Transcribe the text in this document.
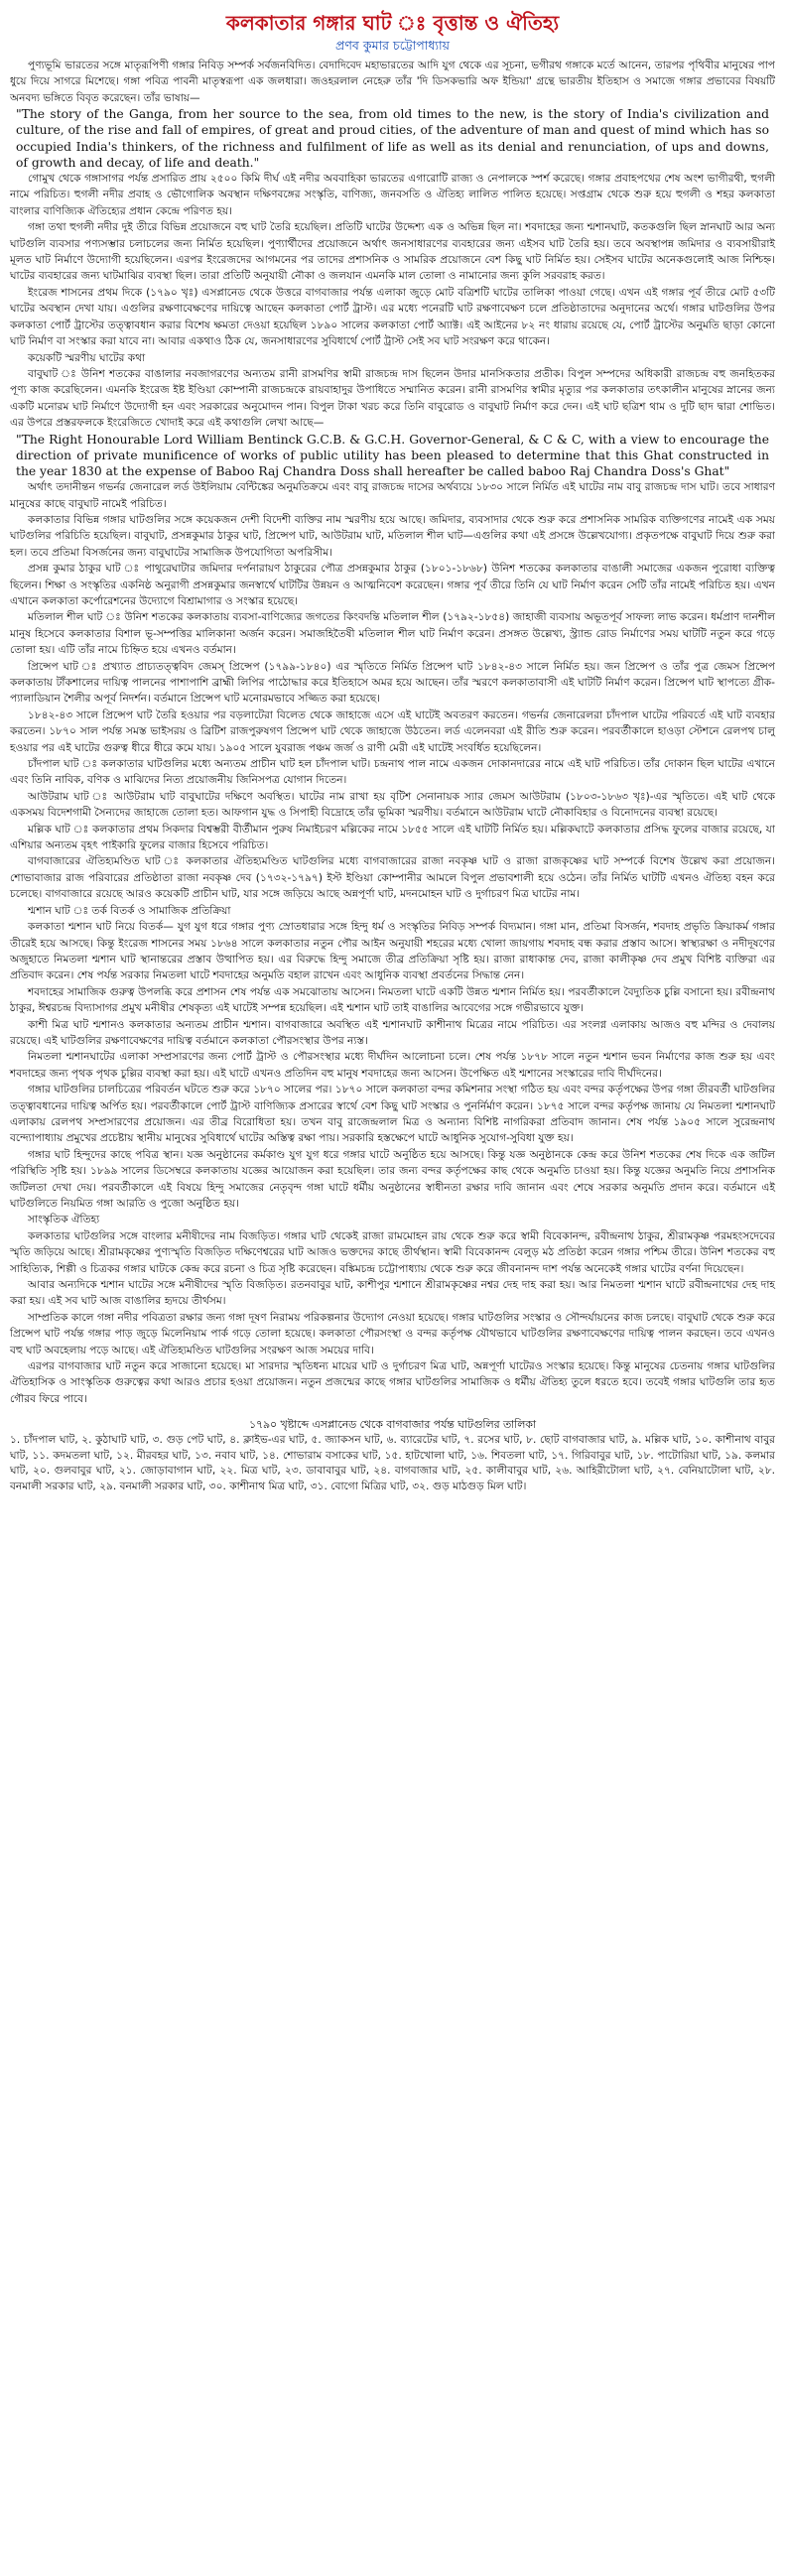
কলকাতার গঙ্গার ঘাট ঃ বৃত্তান্ত ও ঐতিহ্য
প্রণব কুমার চট্টোপাধ্যায়

পুণ্যভূমি ভারতের সঙ্গে মাতৃরূপিণী গঙ্গার নিবিড় সম্পর্ক সর্বজনবিদিত। বেদাদিবেদ মহাভারতের আদি যুগ থেকে এর সূচনা, ভগীরথ গঙ্গাকে মর্তে আনেন, তারপর পৃথিবীর মানুষের পাপ ধুয়ে দিয়ে সাগরে মিশেছে। গঙ্গা পবিত্র পাবনী মাতৃস্বরূপা এক জলধারা। জওহরলাল নেহেরু তাঁর 'দি ডিসকভারি অফ ইন্ডিয়া' গ্রন্থে ভারতীয় ইতিহাস ও সমাজে গঙ্গার প্রভাবের বিষয়টি অনবদ্য ভঙ্গিতে বিবৃত করেছেন। তাঁর ভাষায়—

"The story of the Ganga, from her source to the sea, from old times to the new, is the story of India's civilization and culture, of the rise and fall of empires, of great and proud cities, of the adventure of man and quest of mind which has so occupied India's thinkers, of the richness and fulfilment of life as well as its denial and renunciation, of ups and downs, of growth and decay, of life and death."

গোমুখ থেকে গঙ্গাসাগর পর্যন্ত প্রসারিত প্রায় ২৫০০ কিমি দীর্ঘ এই নদীর অববাহিকা ভারতের এগারোটি রাজ্য ও নেপালকে স্পর্শ করেছে। গঙ্গার প্রবাহপথের শেষ অংশ ভাগীরথী, হুগলী নামে পরিচিত। হুগলী নদীর প্রবাহ ও ভৌগোলিক অবস্থান দক্ষিণবঙ্গের সংস্কৃতি, বাণিজ্য, জনবসতি ও ঐতিহ্য লালিত পালিত হয়েছে। সপ্তগ্রাম থেকে শুরু হয়ে হুগলী ও শহর কলকাতা বাংলার বাণিজ্যিক ঐতিহ্যের প্রধান কেন্দ্রে পরিণত হয়।

গঙ্গা তথা হুগলী নদীর দুই তীরে বিভিন্ন প্রয়োজনে বহু ঘাট তৈরি হয়েছিল। প্রতিটি ঘাটের উদ্দেশ্য এক ও অভিন্ন ছিল না। শবদাহের জন্য শ্মশানঘাট, কতকগুলি ছিল স্নানঘাট আর অন্য ঘাটগুলি ব্যবসার পণ্যসম্ভার চলাচলের জন্য নির্মিত হয়েছিল। পুণ্যার্থীদের প্রয়োজনে অর্থাৎ জনসাধারণের ব্যবহারের জন্য এইসব ঘাট তৈরি হয়। তবে অবস্থাপন্ন জমিদার ও ব্যবসায়ীরাই মূলত ঘাট নির্মাণে উদ্যোগী হয়েছিলেন। এরপর ইংরেজদের আগমনের পর তাদের প্রশাসনিক ও সামরিক প্রয়োজনে বেশ কিছু ঘাট নির্মিত হয়। সেইসব ঘাটের অনেকগুলোই আজ নিশ্চিহ্ন। ঘাটের ব্যবহারের জন্য ঘাটমাঝির ব্যবস্থা ছিল। তারা প্রতিটি অনুযায়ী নৌকা ও জলযান এমনকি মাল তোলা ও নামানোর জন্য কুলি সরবরাহ করত।

ইংরেজ শাসনের প্রথম দিকে (১৭৯০ খৃঃ) এসপ্লানেড থেকে উত্তরে বাগবাজার পর্যন্ত এলাকা জুড়ে মোট বত্রিশটি ঘাটের তালিকা পাওয়া গেছে। এখন এই গঙ্গার পূর্ব তীরে মোট ৫৩টি ঘাটের অবস্থান দেখা যায়। এগুলির রক্ষণাবেক্ষণের দায়িত্বে আছেন কলকাতা পোর্ট ট্রাস্ট। এর মধ্যে পনেরটি ঘাট রক্ষণাবেক্ষণ চলে প্রতিষ্ঠাতাদের অনুদানের অর্থে। গঙ্গার ঘাটগুলির উপর কলকাতা পোর্ট ট্রাস্টের তত্ত্বাবধান করার বিশেষ ক্ষমতা দেওয়া হয়েছিল ১৮৯০ সালের কলকাতা পোর্ট অ্যাক্ট। এই আইনের ৮২ নং ধারায় রয়েছে যে, পোর্ট ট্রাস্টের অনুমতি ছাড়া কোনো ঘাট নির্মাণ বা সংস্কার করা যাবে না। আবার একথাও ঠিক যে, জনসাধারণের সুবিধার্থে পোর্ট ট্রাস্ট সেই সব ঘাট সংরক্ষণ করে থাকেন।

কয়েকটি স্মরণীয় ঘাটের কথা

বাবুঘাট ঃ উনিশ শতকের বাঙালার নবজাগরণের অন্যতম রানী রাসমণির স্বামী রাজচন্দ্র দাস ছিলেন উদার মানসিকতার প্রতীক। বিপুল সম্পদের অধিকারী রাজচন্দ্র বহু জনহিতকর পূণ্য কাজ করেছিলেন। এমনকি ইংরেজ ইষ্ট ইণ্ডিয়া কোম্পানী রাজচন্দ্রকে রায়বাহাদুর উপাধিতে সম্মানিত করেন। রানী রাসমণির স্বামীর মৃত্যুর পর কলকাতার তৎকালীন মানুষের স্নানের জন্য একটি মনোরম ঘাট নির্মাণে উদ্যোগী হন এবং সরকারের অনুমোদন পান। বিপুল টাকা খরচ করে তিনি বাবুরোড ও বাবুঘাট নির্মাণ করে দেন। এই ঘাট ছত্রিশ থাম ও দুটি ছাদ দ্বারা শোভিত। এর উপরে প্রস্তরফলকে ইংরেজিতে খোদাই করে এই কথাগুলি লেখা আছে—

"The Right Honourable Lord William Bentinck G.C.B. & G.C.H. Governor-General, & C & C, with a view to encourage the direction of private munificence of works of public utility has been pleased to determine that this Ghat constructed in the year 1830 at the expense of Baboo Raj Chandra Doss shall hereafter be called baboo Raj Chandra Doss's Ghat"

অর্থাৎ তদানীন্তন গভর্নর জেনারেল লর্ড উইলিয়াম বেন্টিঙ্কের অনুমতিক্রমে এবং বাবু রাজচন্দ্র দাসের অর্থব্যয়ে ১৮৩০ সালে নির্মিত এই ঘাটের নাম বাবু রাজচন্দ্র দাস ঘাট। তবে সাধারণ মানুষের কাছে বাবুঘাট নামেই পরিচিত।

কলকাতার বিভিন্ন গঙ্গার ঘাটগুলির সঙ্গে কয়েকজন দেশী বিদেশী ব্যক্তির নাম স্মরণীয় হয়ে আছে। জমিদার, ব্যবসাদার থেকে শুরু করে প্রশাসনিক সামরিক ব্যক্তিগণের নামেই এক সময় ঘাটগুলির পরিচিতি হয়েছিল। বাবুঘাট, প্রসন্নকুমার ঠাকুর ঘাট, প্রিন্সেপ ঘাট, আউটরাম ঘাট, মতিলাল শীল ঘাট—এগুলির কথা এই প্রসঙ্গে উল্লেখযোগ্য। প্রকৃতপক্ষে বাবুঘাট দিয়ে শুরু করা হল। তবে প্রতিমা বিসর্জনের জন্য বাবুঘাটের সামাজিক উপযোগিতা অপরিসীম।

প্রসন্ন কুমার ঠাকুর ঘাট ঃ পাথুরেঘাটার জমিদার দর্পনারায়ণ ঠাকুরের পৌত্র প্রসন্নকুমার ঠাকুর (১৮০১-১৮৬৮) উনিশ শতকের কলকাতার বাঙালী সমাজের একজন পুরোধা ব্যক্তিত্ব ছিলেন। শিক্ষা ও সংস্কৃতির একনিষ্ঠ অনুরাগী প্রসন্নকুমার জনস্বার্থে ঘাটটির উন্নয়ন ও আত্মনিবেশ করেছেন। গঙ্গার পূর্ব তীরে তিনি যে ঘাট নির্মাণ করেন সেটি তাঁর নামেই পরিচিত হয়। এখন এখানে কলকাতা কর্পোরেশনের উদ্যোগে বিশ্রামাগার ও সংস্কার হয়েছে।

মতিলাল শীল ঘাট ঃ উনিশ শতকের কলকাতায় ব্যবসা-বাণিজ্যের জগতের কিংবদন্তি মতিলাল শীল (১৭৯২-১৮৫৪) জাহাজী ব্যবসায় অভূতপূর্ব সাফল্য লাভ করেন। ধর্মপ্রাণ দানশীল মানুষ হিসেবে কলকাতার বিশাল ভূ-সম্পত্তির মালিকানা অর্জন করেন। সমাজহিতৈষী মতিলাল শীল ঘাট নির্মাণ করেন। প্রসঙ্গত উল্লেখ্য, স্ট্র্যান্ড রোড নির্মাণের সময় ঘাটটি নতুন করে গড়ে তোলা হয়। এটি তাঁর নামে চিহ্নিত হয়ে এখনও বর্তমান।

প্রিন্সেপ ঘাট ঃ প্রখ্যাত প্রাচ্যতত্ত্ববিদ জেমস্ প্রিন্সেপ (১৭৯৯-১৮৪০) এর স্মৃতিতে নির্মিত প্রিন্সেপ ঘাট ১৮৪২-৪৩ সালে নির্মিত হয়। জন প্রিন্সেপ ও তাঁর পুত্র জেমস প্রিন্সেপ কলকাতায় টাঁকশালের দায়িত্ব পালনের পাশাপাশি ব্রাহ্মী লিপির পাঠোদ্ধার করে ইতিহাসে অমর হয়ে আছেন। তাঁর স্মরণে কলকাতাবাসী এই ঘাটটি নির্মাণ করেন। প্রিন্সেপ ঘাট স্থাপত্যে গ্রীক-প্যালাডিয়ান শৈলীর অপূর্ব নিদর্শন। বর্তমানে প্রিন্সেপ ঘাট মনোরমভাবে সজ্জিত করা হয়েছে।

১৮৪২-৪৩ সালে প্রিন্সেপ ঘাট তৈরি হওয়ার পর বড়লাটেরা বিলেত থেকে জাহাজে এসে এই ঘাটেই অবতরণ করতেন। গভর্নর জেনারেলরা চাঁদপাল ঘাটের পরিবর্তে এই ঘাট ব্যবহার করতেন। ১৮৭০ সাল পর্যন্ত সমস্ত ভাইসরয় ও ব্রিটিশ রাজপুরুষগণ প্রিন্সেপ ঘাট থেকে জাহাজে উঠতেন। লর্ড এলেনবরা এই রীতি শুরু করেন। পরবর্তীকালে হাওড়া স্টেশনে রেলপথ চালু হওয়ার পর এই ঘাটের গুরুত্ব ধীরে ধীরে কমে যায়। ১৯০৫ সালে যুবরাজ পঞ্চম জর্জ ও রাণী মেরী এই ঘাটেই সংবর্ধিত হয়েছিলেন।

চাঁদপাল ঘাট ঃ কলকাতার ঘাটগুলির মধ্যে অন্যতম প্রাচীন ঘাট হল চাঁদপাল ঘাট। চন্দ্রনাথ পাল নামে একজন দোকানদারের নামে এই ঘাট পরিচিত। তাঁর দোকান ছিল ঘাটের এখানে এবং তিনি নাবিক, বণিক ও মাঝিদের নিত্য প্রয়োজনীয় জিনিসপত্র যোগান দিতেন।

আউটরাম ঘাট ঃ আউটরাম ঘাট বাবুঘাটের দক্ষিণে অবস্থিত। ঘাটের নাম রাখা হয় বৃটিশ সেনানায়ক স্যার জেমস আউটরাম (১৮০৩-১৮৬৩ খৃঃ)-এর স্মৃতিতে। এই ঘাট থেকে একসময় বিদেশগামী সৈন্যদের জাহাজে তোলা হত। আফগান যুদ্ধ ও সিপাহী বিদ্রোহে তাঁর ভূমিকা স্মরণীয়। বর্তমানে আউটরাম ঘাটে নৌকাবিহার ও বিনোদনের ব্যবস্থা রয়েছে।

মল্লিক ঘাট ঃ কলকাতার প্রথম সিকদার বিশ্বম্ভরী বীর্তীমান পুরুষ নিমাইচরণ মল্লিকের নামে ১৮৫৫ সালে এই ঘাটটি নির্মিত হয়। মল্লিকঘাটে কলকাতার প্রসিদ্ধ ফুলের বাজার রয়েছে, যা এশিয়ার অন্যতম বৃহৎ পাইকারি ফুলের বাজার হিসেবে পরিচিত।

বাগবাজারের ঐতিহ্যমণ্ডিত ঘাট ঃ কলকাতার ঐতিহ্যমণ্ডিত ঘাটগুলির মধ্যে বাগবাজারের রাজা নবকৃষ্ণ ঘাট ও রাজা রাজকৃষ্ণের ঘাট সম্পর্কে বিশেষ উল্লেখ করা প্রয়োজন। শোভাবাজার রাজ পরিবারের প্রতিষ্ঠাতা রাজা নবকৃষ্ণ দেব (১৭৩২-১৭৯৭) ইস্ট ইণ্ডিয়া কোম্পানীর আমলে বিপুল প্রভাবশালী হয়ে ওঠেন। তাঁর নির্মিত ঘাটটি এখনও ঐতিহ্য বহন করে চলেছে। বাগবাজারে রয়েছে আরও কয়েকটি প্রাচীন ঘাট, যার সঙ্গে জড়িয়ে আছে অন্নপূর্ণা ঘাট, মদনমোহন ঘাট ও দুর্গাচরণ মিত্র ঘাটের নাম।

শ্মশান ঘাট ঃ তর্ক বিতর্ক ও সামাজিক প্রতিক্রিয়া

কলকাতা শ্মশান ঘাট নিয়ে বিতর্ক— যুগ যুগ ধরে গঙ্গার পুণ্য স্রোতধারার সঙ্গে হিন্দু ধর্ম ও সংস্কৃতির নিবিড় সম্পর্ক বিদ্যমান। গঙ্গা মান, প্রতিমা বিসর্জন, শবদাহ প্রভৃতি ক্রিয়াকর্ম গঙ্গার তীরেই হয়ে আসছে। কিন্তু ইংরেজ শাসনের সময় ১৮৬৪ সালে কলকাতার নতুন পৌর আইন অনুযায়ী শহরের মধ্যে খোলা জায়গায় শবদাহ বন্ধ করার প্রস্তাব আসে। স্বাস্থ্যরক্ষা ও নদীদূষণের অজুহাতে নিমতলা শ্মশান ঘাট স্থানান্তরের প্রস্তাব উত্থাপিত হয়। এর বিরুদ্ধে হিন্দু সমাজে তীব্র প্রতিক্রিয়া সৃষ্টি হয়। রাজা রাধাকান্ত দেব, রাজা কালীকৃষ্ণ দেব প্রমুখ বিশিষ্ট ব্যক্তিরা এর প্রতিবাদ করেন। শেষ পর্যন্ত সরকার নিমতলা ঘাটে শবদাহের অনুমতি বহাল রাখেন এবং আধুনিক ব্যবস্থা প্রবর্তনের সিদ্ধান্ত নেন।

শবদাহের সামাজিক গুরুত্ব উপলব্ধি করে প্রশাসন শেষ পর্যন্ত এক সমঝোতায় আসেন। নিমতলা ঘাটে একটি উন্নত শ্মশান নির্মিত হয়। পরবর্তীকালে বৈদ্যুতিক চুল্লি বসানো হয়। রবীন্দ্রনাথ ঠাকুর, ঈশ্বরচন্দ্র বিদ্যাসাগর প্রমুখ মনীষীর শেষকৃত্য এই ঘাটেই সম্পন্ন হয়েছিল। এই শ্মশান ঘাট তাই বাঙালির আবেগের সঙ্গে গভীরভাবে যুক্ত।

কাশী মিত্র ঘাট শ্মশানও কলকাতার অন্যতম প্রাচীন শ্মশান। বাগবাজারে অবস্থিত এই শ্মশানঘাট কাশীনাথ মিত্রের নামে পরিচিত। এর সংলগ্ন এলাকায় আজও বহু মন্দির ও দেবালয় রয়েছে। এই ঘাটগুলির রক্ষণাবেক্ষণের দায়িত্ব বর্তমানে কলকাতা পৌরসংস্থার উপর ন্যস্ত।

নিমতলা শ্মশানঘাটের এলাকা সম্প্রসারণের জন্য পোর্ট ট্রাস্ট ও পৌরসংস্থার মধ্যে দীর্ঘদিন আলোচনা চলে। শেষ পর্যন্ত ১৮৭৮ সালে নতুন শ্মশান ভবন নির্মাণের কাজ শুরু হয় এবং শবদাহের জন্য পৃথক পৃথক চুল্লির ব্যবস্থা করা হয়। এই ঘাটে এখনও প্রতিদিন বহু মানুষ শবদাহের জন্য আসেন। উপেক্ষিত এই শ্মশানের সংস্কারের দাবি দীর্ঘদিনের।

গঙ্গার ঘাটগুলির চালচিত্রের পরিবর্তন ঘটতে শুরু করে ১৮৭০ সালের পর। ১৮৭০ সালে কলকাতা বন্দর কমিশনার সংস্থা গঠিত হয় এবং বন্দর কর্তৃপক্ষের উপর গঙ্গা তীরবর্তী ঘাটগুলির তত্ত্বাবধানের দায়িত্ব অর্পিত হয়। পরবর্তীকালে পোর্ট ট্রাস্ট বাণিজ্যিক প্রসারের স্বার্থে বেশ কিছু ঘাট সংস্কার ও পুনর্নির্মাণ করেন। ১৮৭৫ সালে বন্দর কর্তৃপক্ষ জানায় যে নিমতলা শ্মশানঘাট এলাকায় রেলপথ সম্প্রসারণের প্রয়োজন। এর তীব্র বিরোধিতা হয়। তখন বাবু রাজেন্দ্রলাল মিত্র ও অন্যান্য বিশিষ্ট নাগরিকরা প্রতিবাদ জানান। শেষ পর্যন্ত ১৯০৫ সালে সুরেন্দ্রনাথ বন্দ্যোপাধ্যায় প্রমুখের প্রচেষ্টায় স্থানীয় মানুষের সুবিধার্থে ঘাটের অস্তিত্ব রক্ষা পায়। সরকারি হস্তক্ষেপে ঘাটে আধুনিক সুযোগ-সুবিধা যুক্ত হয়।

গঙ্গার ঘাট হিন্দুদের কাছে পবিত্র স্থান। যজ্ঞ অনুষ্ঠানের কর্মকাণ্ড যুগ যুগ ধরে গঙ্গার ঘাটে অনুষ্ঠিত হয়ে আসছে। কিন্তু যজ্ঞ অনুষ্ঠানকে কেন্দ্র করে উনিশ শতকের শেষ দিকে এক জটিল পরিস্থিতি সৃষ্টি হয়। ১৮৯৯ সালের ডিসেম্বরে কলকাতায় যজ্ঞের আয়োজন করা হয়েছিল। তার জন্য বন্দর কর্তৃপক্ষের কাছ থেকে অনুমতি চাওয়া হয়। কিন্তু যজ্ঞের অনুমতি নিয়ে প্রশাসনিক জটিলতা দেখা দেয়। পরবর্তীকালে এই বিষয়ে হিন্দু সমাজের নেতৃবৃন্দ গঙ্গা ঘাটে ধর্মীয় অনুষ্ঠানের স্বাধীনতা রক্ষার দাবি জানান এবং শেষে সরকার অনুমতি প্রদান করে। বর্তমানে এই ঘাটগুলিতে নিয়মিত গঙ্গা আরতি ও পুজো অনুষ্ঠিত হয়।

সাংস্কৃতিক ঐতিহ্য

কলকাতার ঘাটগুলির সঙ্গে বাংলার মনীষীদের নাম বিজড়িত। গঙ্গার ঘাট থেকেই রাজা রামমোহন রায় থেকে শুরু করে স্বামী বিবেকানন্দ, রবীন্দ্রনাথ ঠাকুর, শ্রীরামকৃষ্ণ পরমহংসদেবের স্মৃতি জড়িয়ে আছে। শ্রীরামকৃষ্ণের পুণ্যস্মৃতি বিজড়িত দক্ষিণেশ্বরের ঘাট আজও ভক্তদের কাছে তীর্থস্থান। স্বামী বিবেকানন্দ বেলুড় মঠ প্রতিষ্ঠা করেন গঙ্গার পশ্চিম তীরে। উনিশ শতকের বহু সাহিত্যিক, শিল্পী ও চিত্রকর গঙ্গার ঘাটকে কেন্দ্র করে রচনা ও চিত্র সৃষ্টি করেছেন। বঙ্কিমচন্দ্র চট্টোপাধ্যায় থেকে শুরু করে জীবনানন্দ দাশ পর্যন্ত অনেকেই গঙ্গার ঘাটের বর্ণনা দিয়েছেন।

আবার অন্যদিকে শ্মশান ঘাটের সঙ্গে মনীষীদের স্মৃতি বিজড়িত। রতনবাবুর ঘাট, কাশীপুর শ্মশানে শ্রীরামকৃষ্ণের নশ্বর দেহ দাহ করা হয়। আর নিমতলা শ্মশান ঘাটে রবীন্দ্রনাথের দেহ দাহ করা হয়। এই সব ঘাট আজ বাঙালির হৃদয়ে তীর্থসম।

সাম্প্রতিক কালে গঙ্গা নদীর পবিত্রতা রক্ষার জন্য গঙ্গা দূষণ নিরাময় পরিকল্পনার উদ্যোগ নেওয়া হয়েছে। গঙ্গার ঘাটগুলির সংস্কার ও সৌন্দর্যায়নের কাজ চলছে। বাবুঘাট থেকে শুরু করে প্রিন্সেপ ঘাট পর্যন্ত গঙ্গার পাড় জুড়ে মিলেনিয়াম পার্ক গড়ে তোলা হয়েছে। কলকাতা পৌরসংস্থা ও বন্দর কর্তৃপক্ষ যৌথভাবে ঘাটগুলির রক্ষণাবেক্ষণের দায়িত্ব পালন করছেন। তবে এখনও বহু ঘাট অবহেলায় পড়ে আছে। এই ঐতিহ্যমণ্ডিত ঘাটগুলির সংরক্ষণ আজ সময়ের দাবি।

এরপর বাগবাজার ঘাট নতুন করে সাজানো হয়েছে। মা সারদার স্মৃতিধন্য মায়ের ঘাট ও দুর্গাচরণ মিত্র ঘাট, অন্নপূর্ণা ঘাটেরও সংস্কার হয়েছে। কিন্তু মানুষের চেতনায় গঙ্গার ঘাটগুলির ঐতিহাসিক ও সাংস্কৃতিক গুরুত্বের কথা আরও প্রচার হওয়া প্রয়োজন। নতুন প্রজন্মের কাছে গঙ্গার ঘাটগুলির সামাজিক ও ধর্মীয় ঐতিহ্য তুলে ধরতে হবে। তবেই গঙ্গার ঘাটগুলি তার হৃত গৌরব ফিরে পাবে।

১৭৯০ খৃষ্টাব্দে এসপ্লানেড থেকে বাগবাজার পর্যন্ত ঘাটগুলির তালিকা

১. চাঁদপাল ঘাট, ২. কুঠাঘাট ঘাট, ৩. গুড় পেট ঘাট, ৪. ক্লাইভ-এর ঘাট, ৫. জ্যাকসন ঘাট, ৬. ব্যারেটের ঘাট, ৭. রসের ঘাট, ৮. ছোট বাগবাজার ঘাট, ৯. মল্লিক ঘাট, ১০. কাশীনাথ বাবুর ঘাট, ১১. কদমতলা ঘাট, ১২. মীরবহর ঘাট, ১৩. নবাব ঘাট, ১৪. শোভারাম বসাকের ঘাট, ১৫. হাটখোলা ঘাট, ১৬. শিবতলা ঘাট, ১৭. গিরিবাবুর ঘাট, ১৮. পাটোরিয়া ঘাট, ১৯. কলমার ঘাট, ২০. গুলবাবুর ঘাট, ২১. জোড়াবাগান ঘাট, ২২. মিত্র ঘাট, ২৩. ডাবাবাবুর ঘাট, ২৪. বাগবাজার ঘাট, ২৫. কালীবাবুর ঘাট, ২৬. আহিরীটোলা ঘাট, ২৭. বেনিয়াটোলা ঘাট, ২৮. বনমালী সরকার ঘাট, ২৯. বনমালী সরকার ঘাট, ৩০. কাশীনাথ মিত্র ঘাট, ৩১. বোগো মিত্রির ঘাট, ৩২. গুড় মাঠগুড় মিল ঘাট।
